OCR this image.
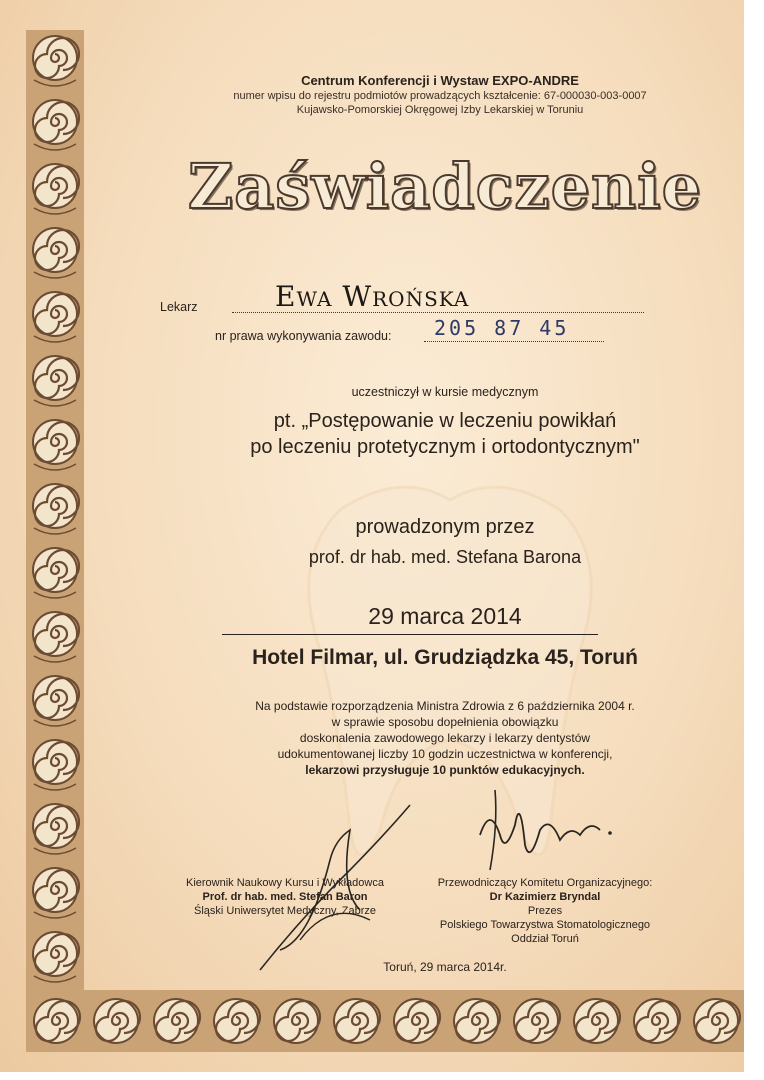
Centrum Konferencji i Wystaw EXPO-ANDRE

numer wpisu do rejestru podmiotów prowadzących kształcenie: 67-000030-003-0007

Kujawsko-Pomorskiej Okręgowej Izby Lekarskiej w Toruniu

Zaświadczenie
Lekarz	Ewa Wrońska
nr prawa wykonywania zawodu: 205 87 45
uczestniczył w kursie medycznym
pt. „Postępowanie w leczeniu powikłań
po leczeniu protetycznym i ortodontycznym"
prowadzonym przez
prof. dr hab. med. Stefana Barona
29 marca 2014
Hotel Filmar, ul. Grudziądzka 45, Toruń
Na podstawie rozporządzenia Ministra Zdrowia z 6 października 2004 r.
w sprawie sposobu dopełnienia obowiązku
doskonalenia zawodowego lekarzy i lekarzy dentystów
udokumentowanej liczby 10 godzin uczestnictwa w konferencji,
lekarzowi przysługuje 10 punktów edukacyjnych.
Kierownik Naukowy Kursu i Wykładowca
Prof. dr hab. med. Stefan Baron
Śląski Uniwersytet Medyczny, Zabrze
Przewodniczący Komitetu Organizacyjnego:
Dr Kazimierz Bryndal
Prezes
Polskiego Towarzystwa Stomatologicznego
Oddział Toruń
Toruń, 29 marca 2014r.
